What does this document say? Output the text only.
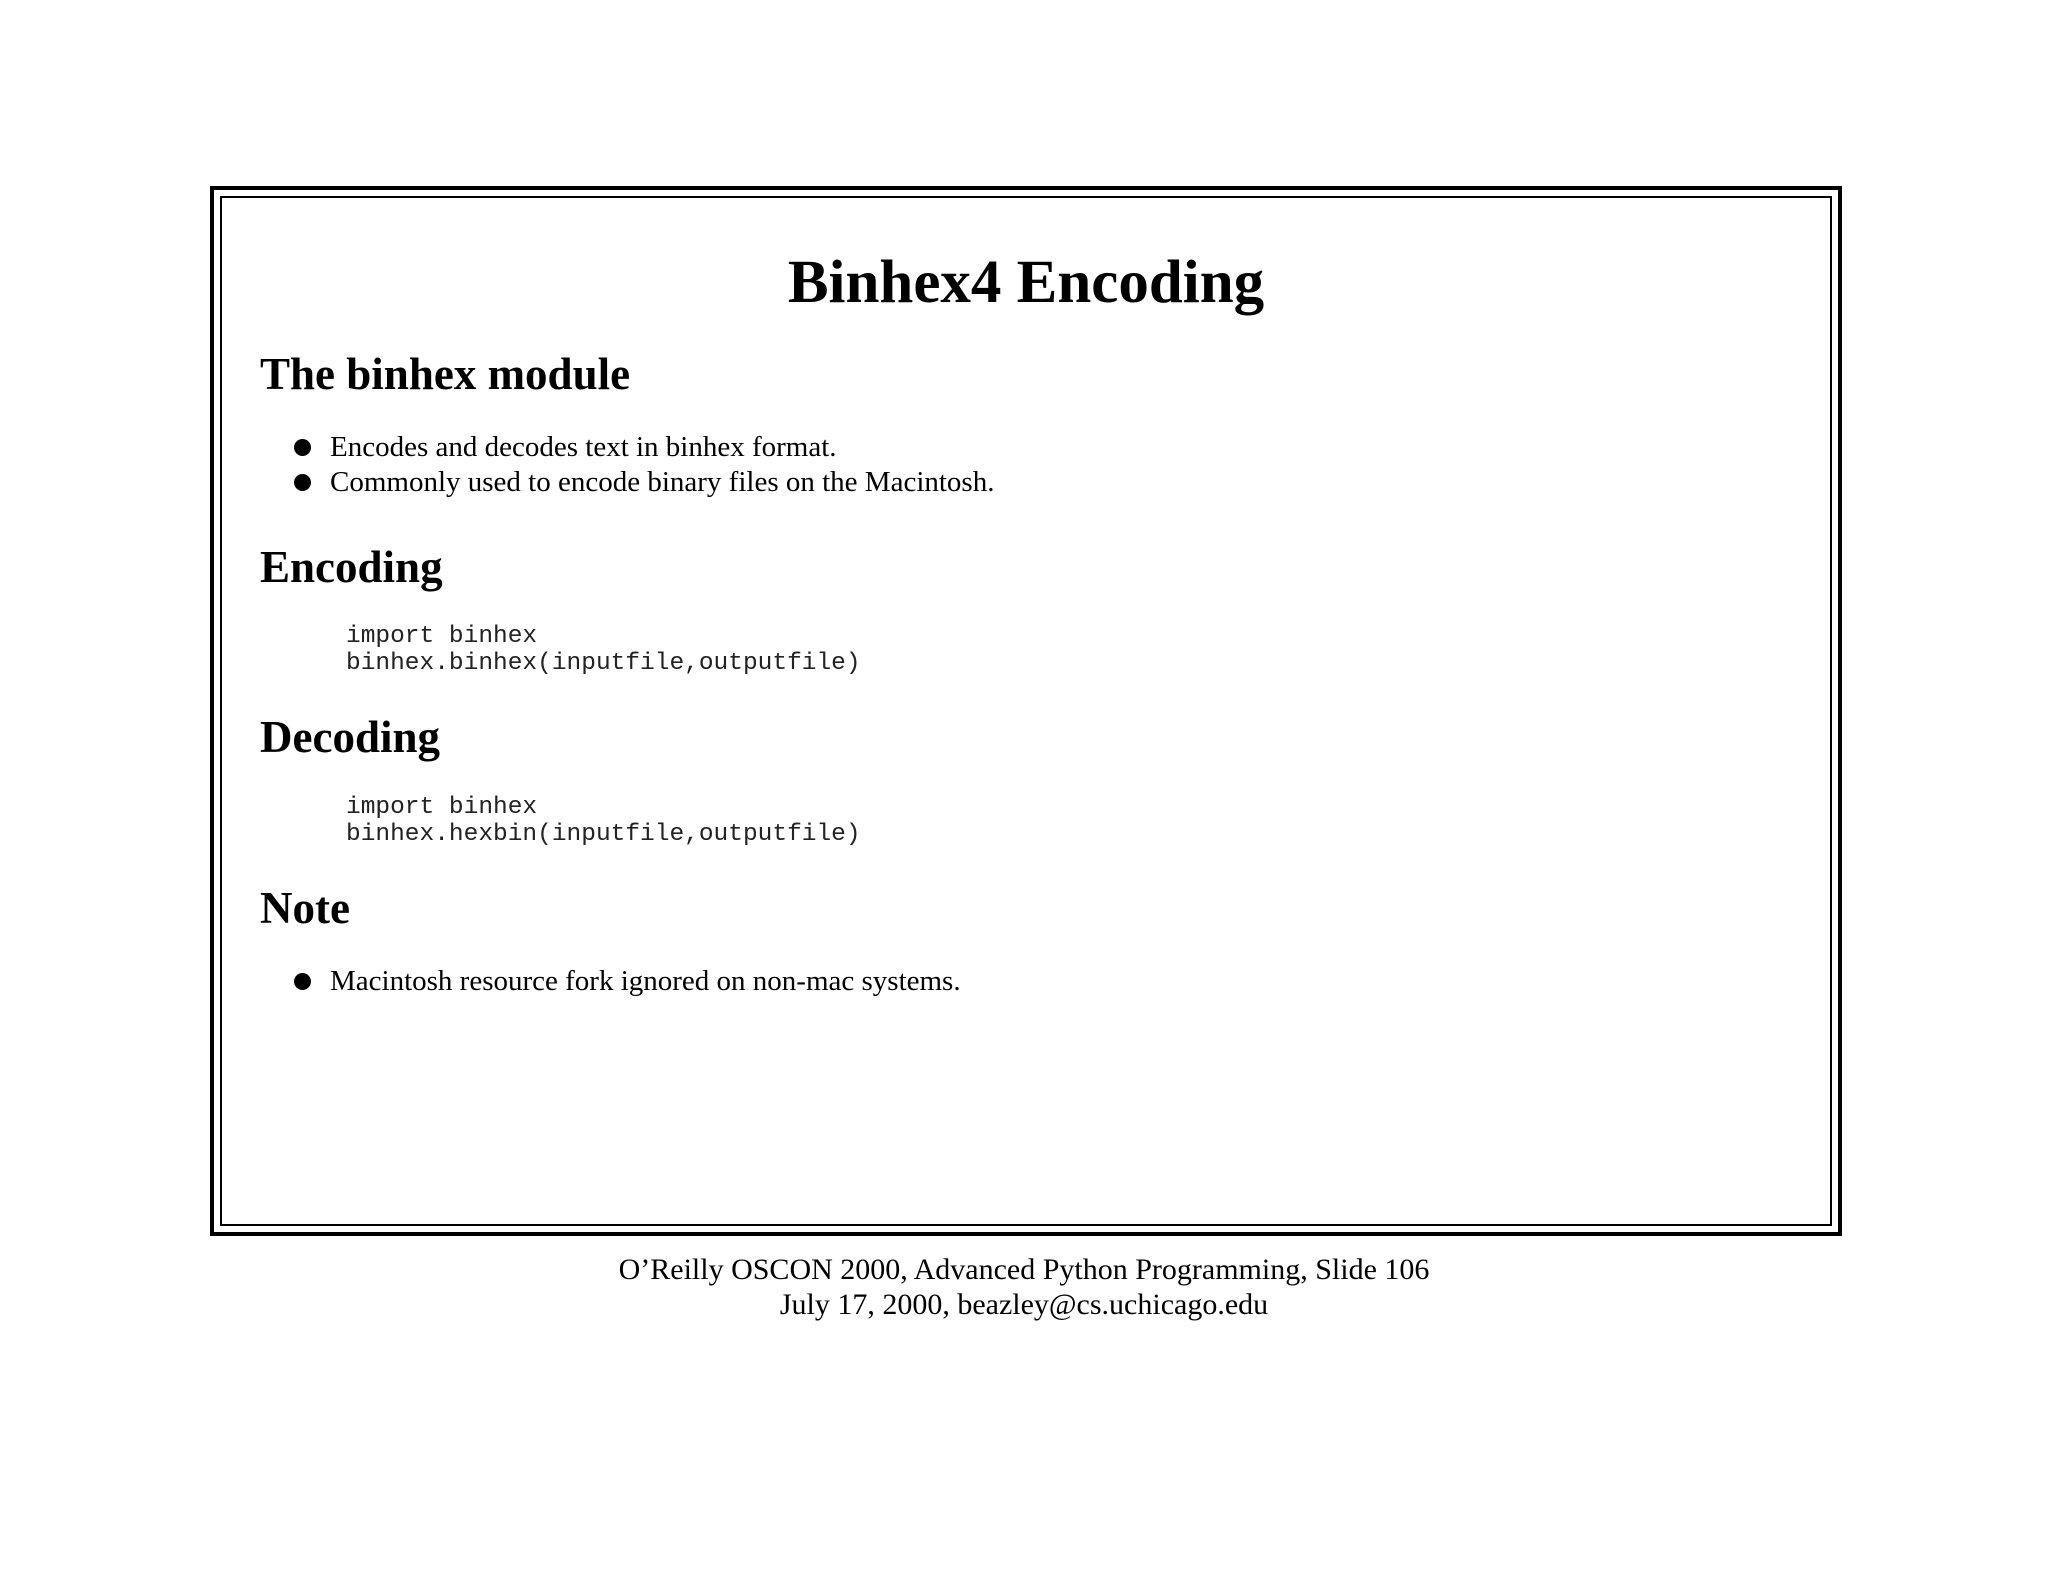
Binhex4 Encoding
The binhex module
Encodes and decodes text in binhex format.
Commonly used to encode binary files on the Macintosh.
Encoding
import binhex
binhex.binhex(inputfile,outputfile)
Decoding
import binhex
binhex.hexbin(inputfile,outputfile)
Note
Macintosh resource fork ignored on non-mac systems.
O’Reilly OSCON 2000, Advanced Python Programming, Slide 106
July 17, 2000, beazley@cs.uchicago.edu
